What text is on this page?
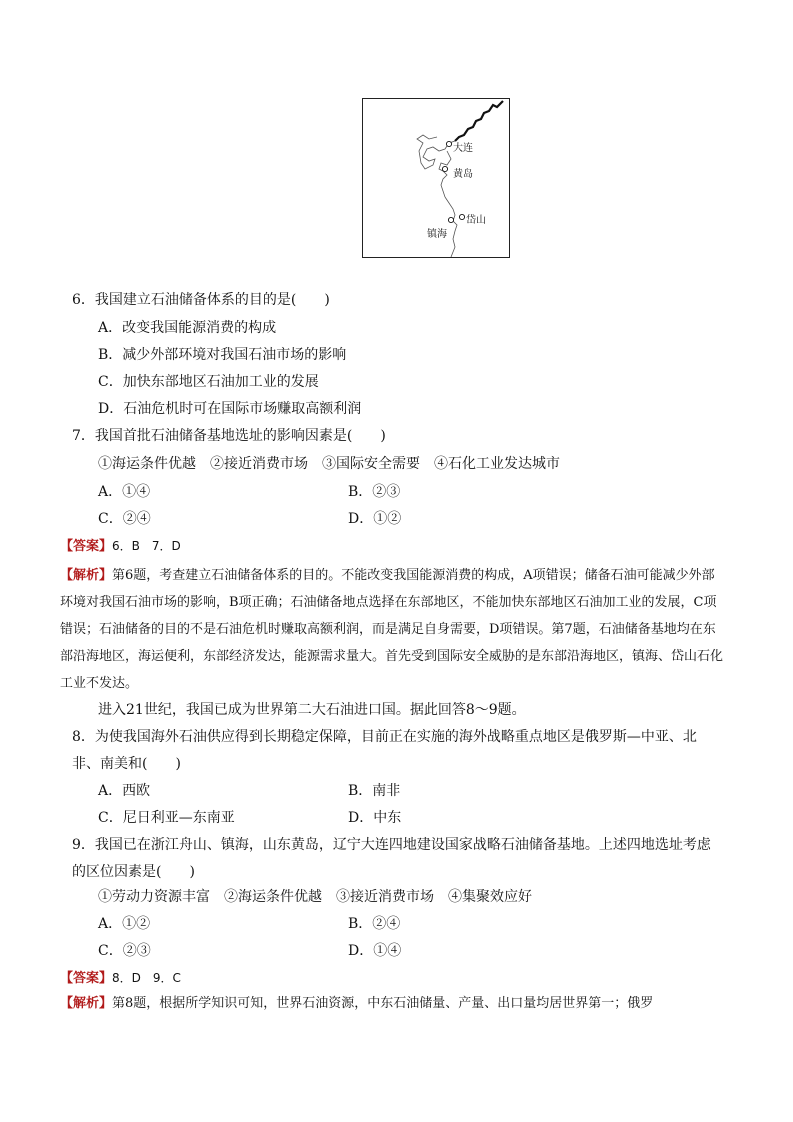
大连
黄岛
岱山
镇海
6．我国建立石油储备体系的目的是(　　)
A．改变我国能源消费的构成
B．减少外部环境对我国石油市场的影响
C．加快东部地区石油加工业的发展
D．石油危机时可在国际市场赚取高额利润
7．我国首批石油储备基地选址的影响因素是(　　)
①海运条件优越　②接近消费市场　③国际安全需要　④石化工业发达城市
A．①④	B．②③
C．②④	D．①②
【答案】6．B　7．D
【解析】第6题，考查建立石油储备体系的目的。不能改变我国能源消费的构成，A项错误；储备石油可能减少外部环境对我国石油市场的影响，B项正确；石油储备地点选择在东部地区，不能加快东部地区石油加工业的发展，C项错误；石油储备的目的不是石油危机时赚取高额利润，而是满足自身需要，D项错误。第7题，石油储备基地均在东部沿海地区，海运便利，东部经济发达，能源需求量大。首先受到国际安全威胁的是东部沿海地区，镇海、岱山石化工业不发达。
进入21世纪，我国已成为世界第二大石油进口国。据此回答8～9题。
8．为使我国海外石油供应得到长期稳定保障，目前正在实施的海外战略重点地区是俄罗斯—中亚、北非、南美和(　　)
A．西欧	B．南非
C．尼日利亚—东南亚	D．中东
9．我国已在浙江舟山、镇海，山东黄岛，辽宁大连四地建设国家战略石油储备基地。上述四地选址考虑的区位因素是(　　)
①劳动力资源丰富　②海运条件优越　③接近消费市场　④集聚效应好
A．①②	B．②④
C．②③	D．①④
【答案】8．D　9．C
【解析】第8题，根据所学知识可知，世界石油资源，中东石油储量、产量、出口量均居世界第一；俄罗
